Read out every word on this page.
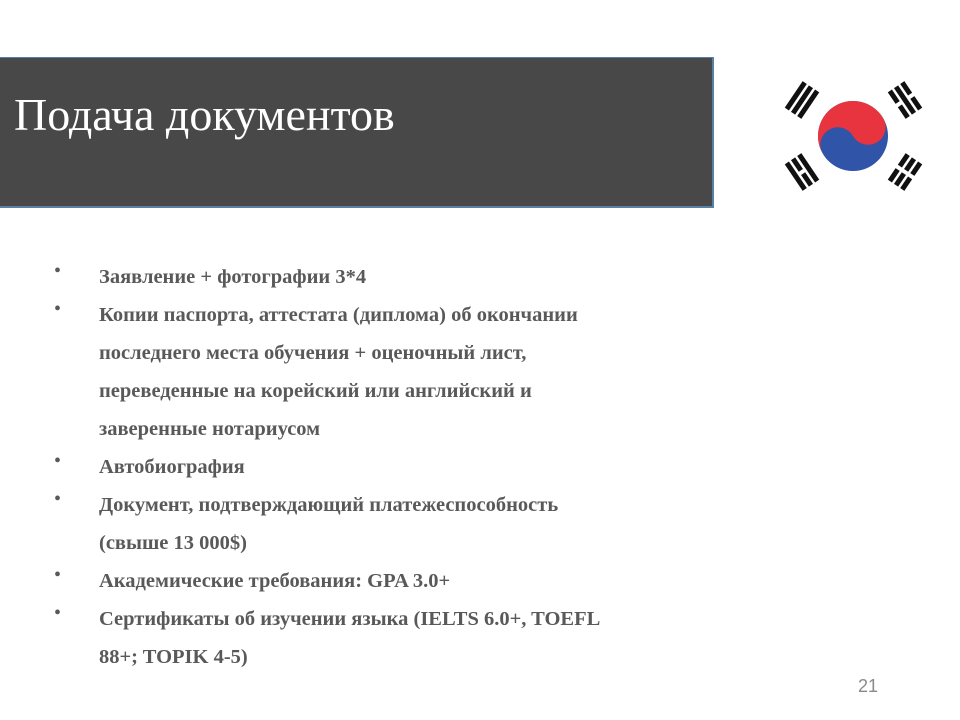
Подача документов
• Заявление + фотографии 3*4
• Копии паспорта, аттестата (диплома) об окончании
последнего места обучения + оценочный лист,
переведенные на корейский или английский и
заверенные нотариусом
• Автобиография
• Документ, подтверждающий платежеспособность
(свыше 13 000$)
• Академические требования: GPA 3.0+
• Сертификаты об изучении языка (IELTS 6.0+, TOEFL
88+; TOPIK 4-5)
21
